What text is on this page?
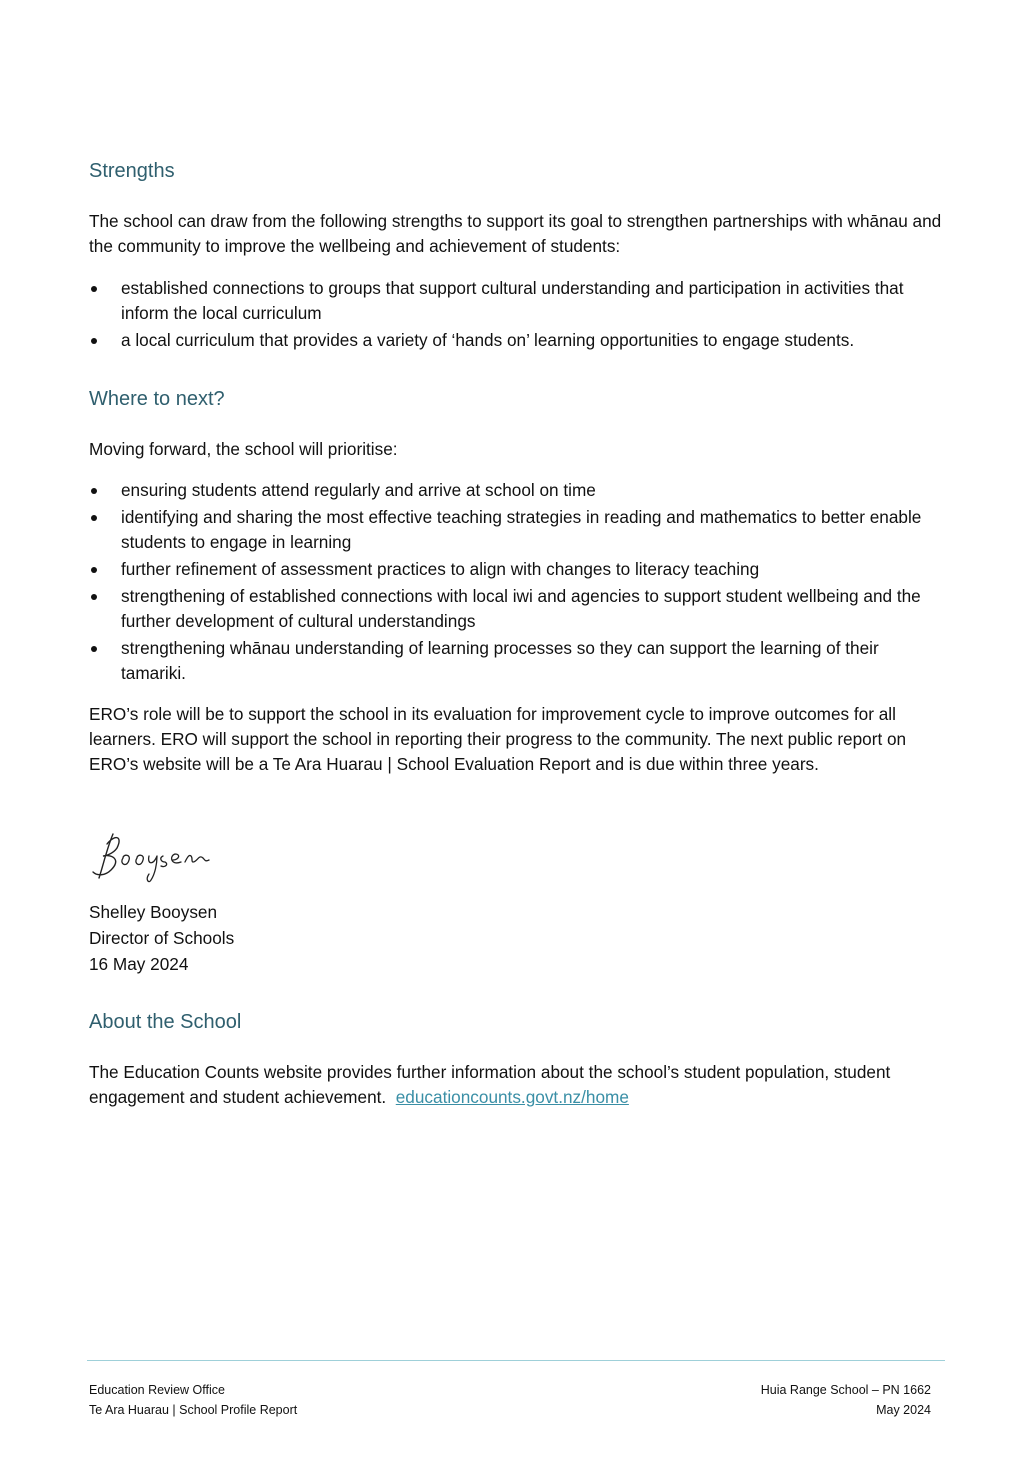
Strengths

The school can draw from the following strengths to support its goal to strengthen partnerships with whānau and the community to improve the wellbeing and achievement of students:

established connections to groups that support cultural understanding and participation in activities that inform the local curriculum
a local curriculum that provides a variety of ‘hands on’ learning opportunities to engage students.
Where to next?

Moving forward, the school will prioritise:

ensuring students attend regularly and arrive at school on time
identifying and sharing the most effective teaching strategies in reading and mathematics to better enable students to engage in learning
further refinement of assessment practices to align with changes to literacy teaching
strengthening of established connections with local iwi and agencies to support student wellbeing and the further development of cultural understandings
strengthening whānau understanding of learning processes so they can support the learning of their tamariki.

ERO’s role will be to support the school in its evaluation for improvement cycle to improve outcomes for all learners. ERO will support the school in reporting their progress to the community. The next public report on ERO’s website will be a Te Ara Huarau | School Evaluation Report and is due within three years.

Shelley Booysen
Director of Schools
16 May 2024
About the School

The Education Counts website provides further information about the school’s student population, student engagement and student achievement. educationcounts.govt.nz/home

Education Review Office
Te Ara Huarau | School Profile Report
Huia Range School – PN 1662
May 2024
